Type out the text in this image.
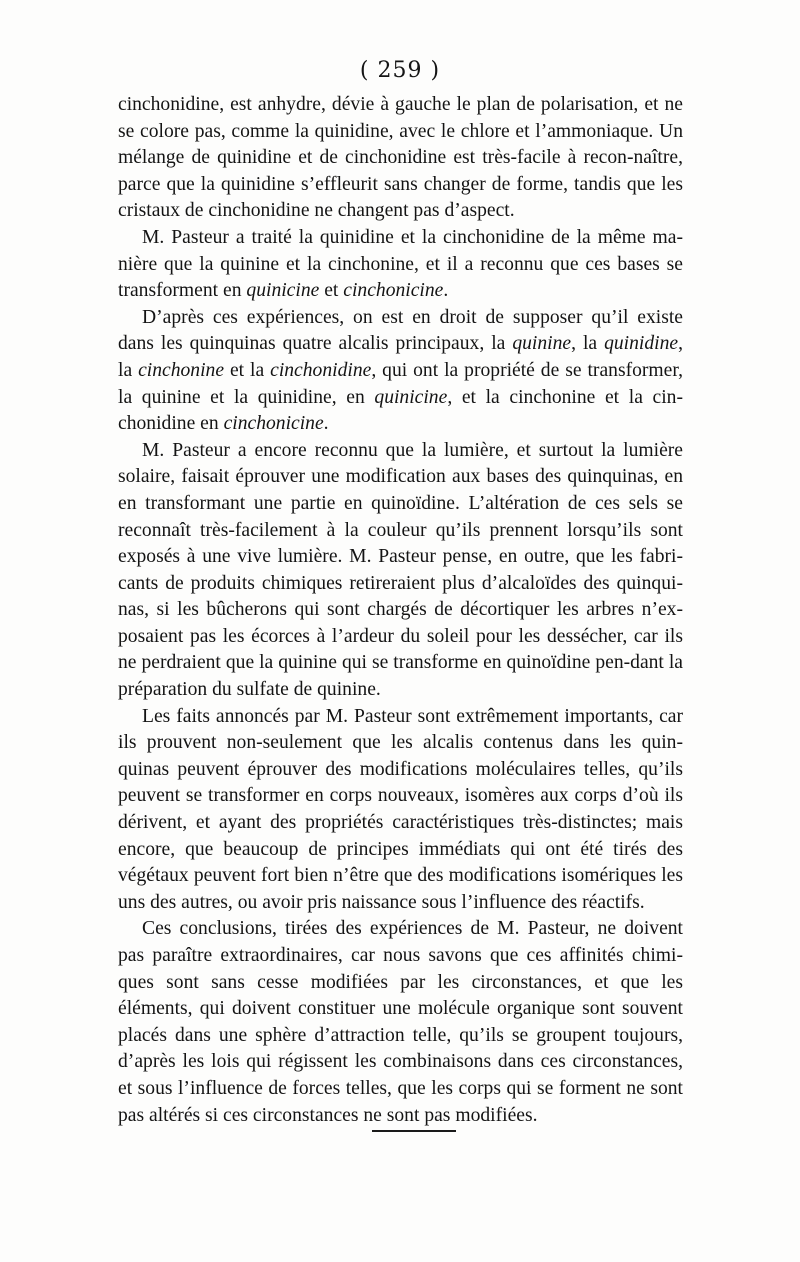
( 259 )

cinchonidine, est anhydre, dévie à gauche le plan de polarisation, et ne se colore pas, comme la quinidine, avec le chlore et l’ammoniaque. Un mélange de quinidine et de cinchonidine est très-facile à recon-naître, parce que la quinidine s’effleurit sans changer de forme, tandis que les cristaux de cinchonidine ne changent pas d’aspect.

M. Pasteur a traité la quinidine et la cinchonidine de la même ma-nière que la quinine et la cinchonine, et il a reconnu que ces bases se transforment en quinicine et cinchonicine.

D’après ces expériences, on est en droit de supposer qu’il existe dans les quinquinas quatre alcalis principaux, la quinine, la quinidine, la cinchonine et la cinchonidine, qui ont la propriété de se transformer, la quinine et la quinidine, en quinicine, et la cinchonine et la cin-chonidine en cinchonicine.

M. Pasteur a encore reconnu que la lumière, et surtout la lumière solaire, faisait éprouver une modification aux bases des quinquinas, en en transformant une partie en quinoïdine. L’altération de ces sels se reconnaît très-facilement à la couleur qu’ils prennent lorsqu’ils sont exposés à une vive lumière. M. Pasteur pense, en outre, que les fabri-cants de produits chimiques retireraient plus d’alcaloïdes des quinqui-nas, si les bûcherons qui sont chargés de décortiquer les arbres n’ex-posaient pas les écorces à l’ardeur du soleil pour les dessécher, car ils ne perdraient que la quinine qui se transforme en quinoïdine pen-dant la préparation du sulfate de quinine.

Les faits annoncés par M. Pasteur sont extrêmement importants, car ils prouvent non-seulement que les alcalis contenus dans les quin-quinas peuvent éprouver des modifications moléculaires telles, qu’ils peuvent se transformer en corps nouveaux, isomères aux corps d’où ils dérivent, et ayant des propriétés caractéristiques très-distinctes; mais encore, que beaucoup de principes immédiats qui ont été tirés des végétaux peuvent fort bien n’être que des modifications isomériques les uns des autres, ou avoir pris naissance sous l’influence des réactifs.

Ces conclusions, tirées des expériences de M. Pasteur, ne doivent pas paraître extraordinaires, car nous savons que ces affinités chimi-ques sont sans cesse modifiées par les circonstances, et que les éléments, qui doivent constituer une molécule organique sont souvent placés dans une sphère d’attraction telle, qu’ils se groupent toujours, d’après les lois qui régissent les combinaisons dans ces circonstances, et sous l’influence de forces telles, que les corps qui se forment ne sont pas altérés si ces circonstances ne sont pas modifiées.
